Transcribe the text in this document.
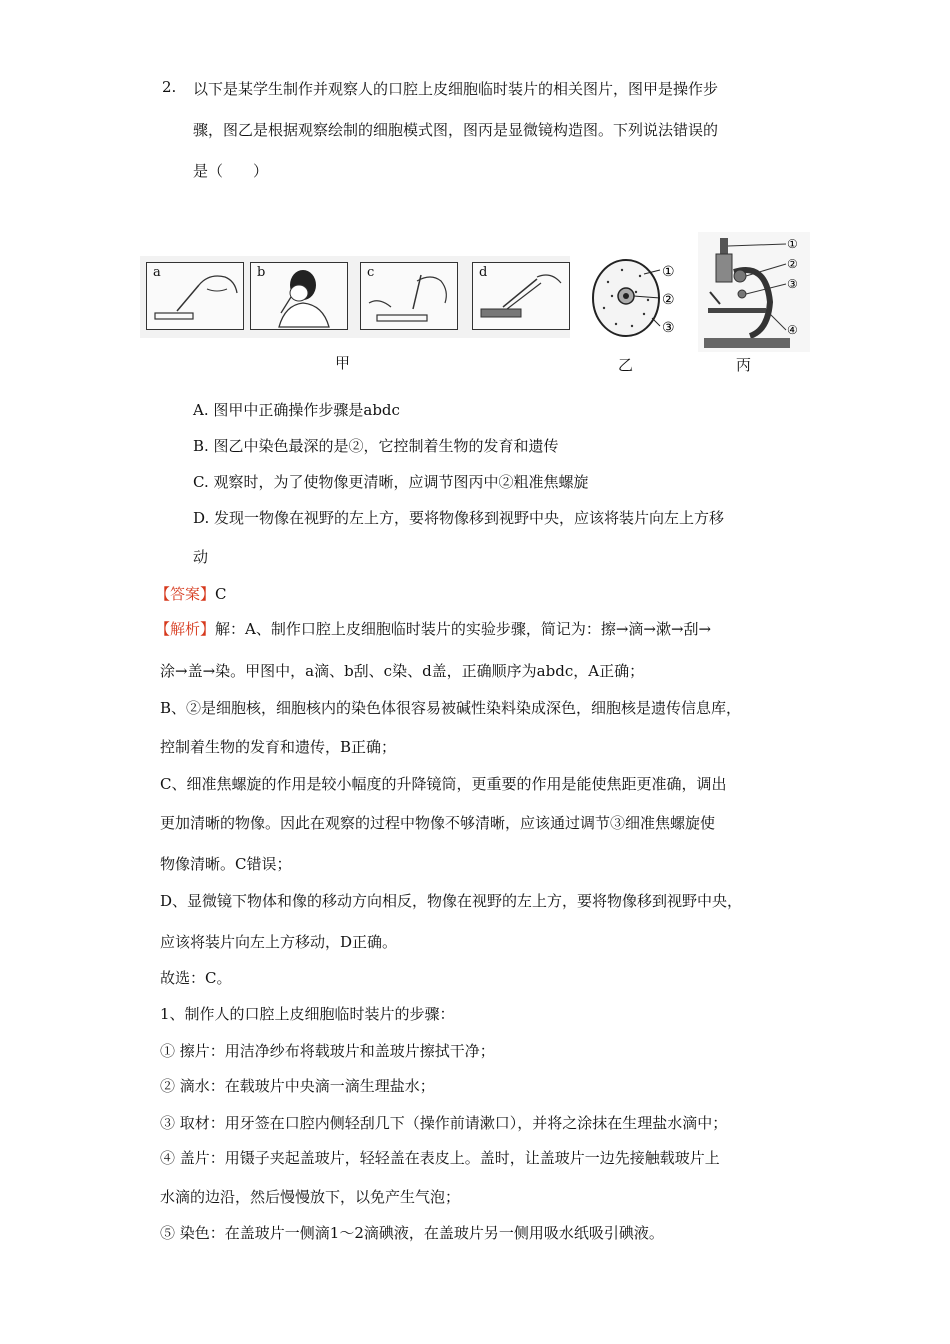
2. 以下是某学生制作并观察人的口腔上皮细胞临时装片的相关图片，图甲是操作步
骤，图乙是根据观察绘制的细胞模式图，图丙是显微镜构造图。下列说法错误的
是（　　）
a	b	c	d
甲
①
②
③
乙
①
②
③
④
丙
A. 图甲中正确操作步骤是abdc
B. 图乙中染色最深的是②，它控制着生物的发育和遗传
C. 观察时，为了使物像更清晰，应调节图丙中②粗准焦螺旋
D. 发现一物像在视野的左上方，要将物像移到视野中央，应该将装片向左上方移
动
【答案】C
【解析】解：A、制作口腔上皮细胞临时装片的实验步骤，简记为：擦→滴→漱→刮→
涂→盖→染。甲图中，a滴、b刮、c染、d盖，正确顺序为abdc，A正确；
B、②是细胞核，细胞核内的染色体很容易被碱性染料染成深色，细胞核是遗传信息库，
控制着生物的发育和遗传，B正确；
C、细准焦螺旋的作用是较小幅度的升降镜筒，更重要的作用是能使焦距更准确，调出
更加清晰的物像。因此在观察的过程中物像不够清晰，应该通过调节③细准焦螺旋使
物像清晰。C错误；
D、显微镜下物体和像的移动方向相反，物像在视野的左上方，要将物像移到视野中央，
应该将装片向左上方移动，D正确。
故选：C。
1、制作人的口腔上皮细胞临时装片的步骤：
① 擦片：用洁净纱布将载玻片和盖玻片擦拭干净；
② 滴水：在载玻片中央滴一滴生理盐水；
③ 取材：用牙签在口腔内侧轻刮几下（操作前请漱口），并将之涂抹在生理盐水滴中；
④ 盖片：用镊子夹起盖玻片，轻轻盖在表皮上。盖时，让盖玻片一边先接触载玻片上
水滴的边沿，然后慢慢放下，以免产生气泡；
⑤ 染色：在盖玻片一侧滴1～2滴碘液，在盖玻片另一侧用吸水纸吸引碘液。
